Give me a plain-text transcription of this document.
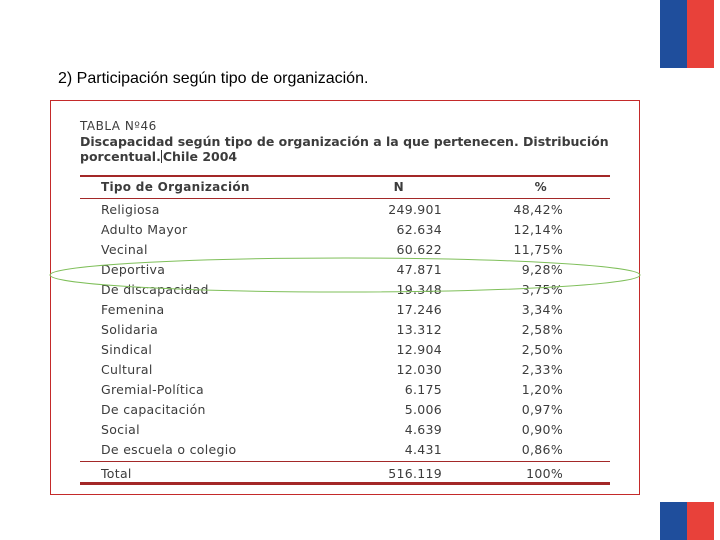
2) Participación según tipo de organización.
TABLA Nº46
Discapacidad según tipo de organización a la que pertenecen. Distribución
porcentual. Chile 2004
Tipo de Organización	N	%
Religiosa	249.901	48,42%
Adulto Mayor	62.634	12,14%
Vecinal	60.622	11,75%
Deportiva	47.871	9,28%
De discapacidad	19.348	3,75%
Femenina	17.246	3,34%
Solidaria	13.312	2,58%
Sindical	12.904	2,50%
Cultural	12.030	2,33%
Gremial-Política	6.175	1,20%
De capacitación	5.006	0,97%
Social	4.639	0,90%
De escuela o colegio	4.431	0,86%
Total	516.119	100%
